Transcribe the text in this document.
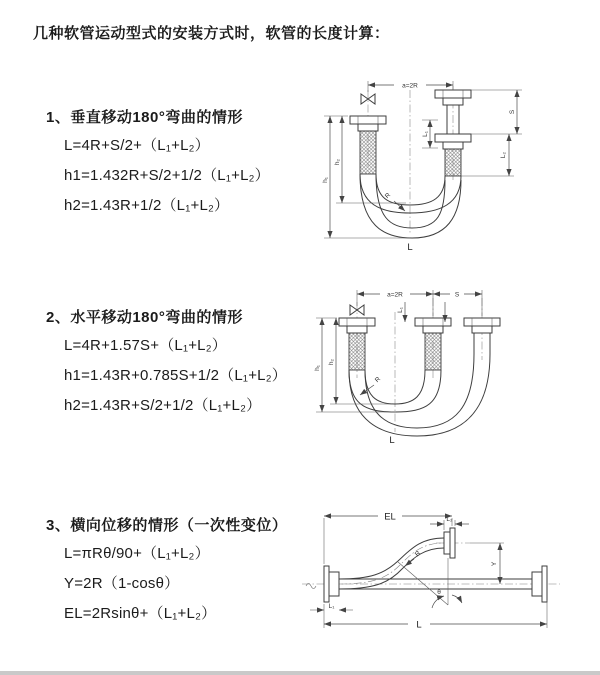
几种软管运动型式的安装方式时，软管的长度计算：
1、垂直移动180°弯曲的情形
L=4R+S/2+（L₁+L₂）
h1=1.432R+S/2+1/2（L₁+L₂）
h2=1.43R+1/2（L₁+L₂）
a=2R
h₂
h₁
L₁
S
L₂
R
L
2、水平移动180°弯曲的情形
L=4R+1.57S+（L₁+L₂）
h1=1.43R+0.785S+1/2（L₁+L₂）
h2=1.43R+S/2+1/2（L₁+L₂）
a=2R	S
L₁
h₂
h₁
R
L
3、横向位移的情形（一次性变位）
L=πRθ/90+（L₁+L₂）
Y=2R（1-cosθ）
EL=2Rsinθ+（L₁+L₂）
EL	L₂
Y
θ
R
L
L₁
